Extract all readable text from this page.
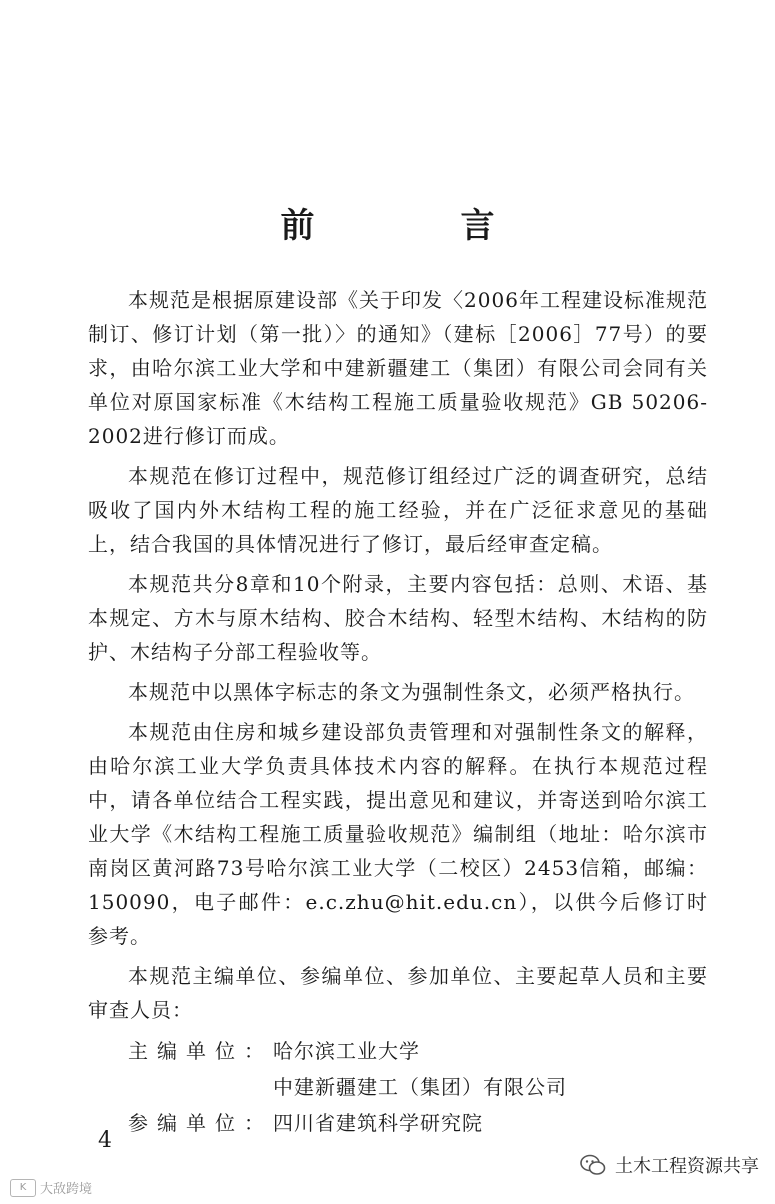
前　言

本规范是根据原建设部《关于印发〈2006年工程建设标准规范制订、修订计划（第一批）〉的通知》（建标［2006］77号）的要求，由哈尔滨工业大学和中建新疆建工（集团）有限公司会同有关单位对原国家标准《木结构工程施工质量验收规范》GB 50206-2002进行修订而成。

本规范在修订过程中，规范修订组经过广泛的调查研究，总结吸收了国内外木结构工程的施工经验，并在广泛征求意见的基础上，结合我国的具体情况进行了修订，最后经审查定稿。

本规范共分8章和10个附录，主要内容包括：总则、术语、基本规定、方木与原木结构、胶合木结构、轻型木结构、木结构的防护、木结构子分部工程验收等。

本规范中以黑体字标志的条文为强制性条文，必须严格执行。

本规范由住房和城乡建设部负责管理和对强制性条文的解释，由哈尔滨工业大学负责具体技术内容的解释。在执行本规范过程中，请各单位结合工程实践，提出意见和建议，并寄送到哈尔滨工业大学《木结构工程施工质量验收规范》编制组（地址：哈尔滨市南岗区黄河路73号哈尔滨工业大学（二校区）2453信箱，邮编：150090，电子邮件：e.c.zhu@hit.edu.cn），以供今后修订时参考。

本规范主编单位、参编单位、参加单位、主要起草人员和主要审查人员：

主编单位： 哈尔滨工业大学
中建新疆建工（集团）有限公司
参编单位： 四川省建筑科学研究院
4
K	大敌跨境
土木工程资源共享
